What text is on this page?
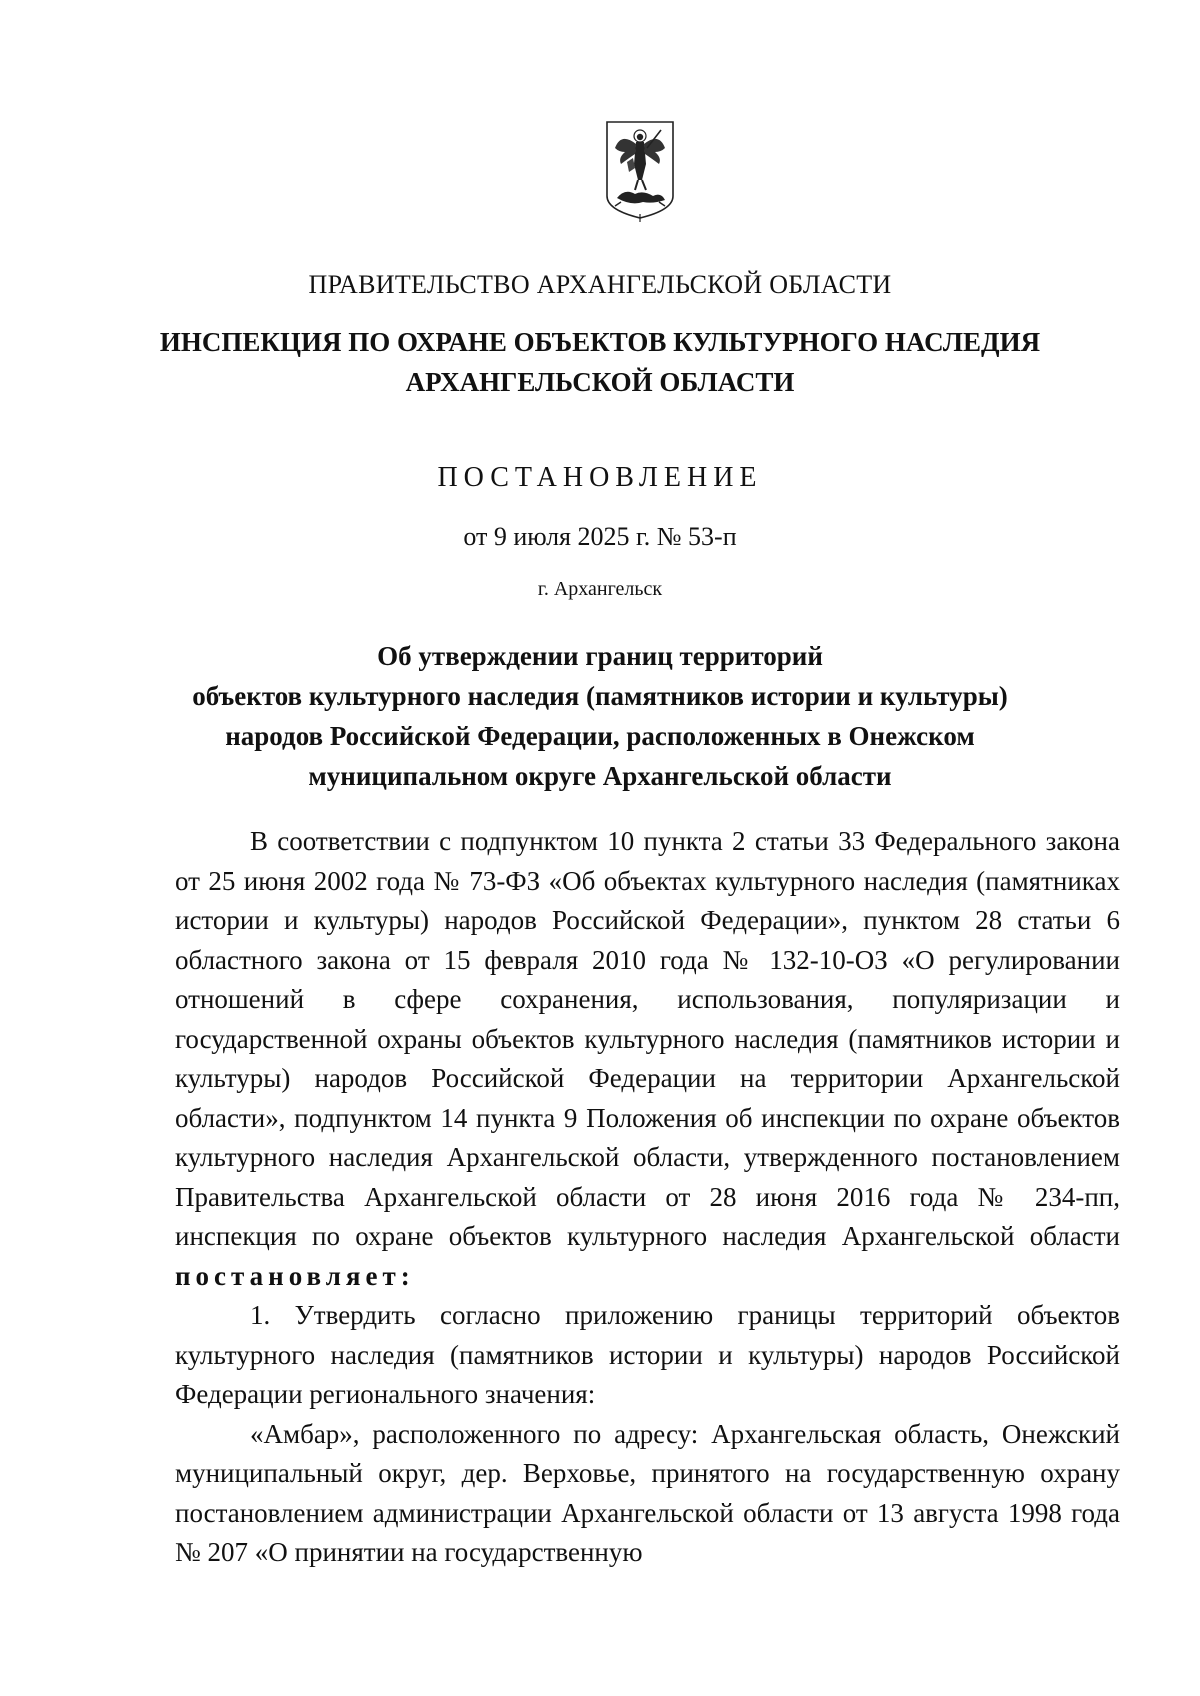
ПРАВИТЕЛЬСТВО АРХАНГЕЛЬСКОЙ ОБЛАСТИ
ИНСПЕКЦИЯ ПО ОХРАНЕ ОБЪЕКТОВ КУЛЬТУРНОГО НАСЛЕДИЯ
АРХАНГЕЛЬСКОЙ ОБЛАСТИ
ПОСТАНОВЛЕНИЕ
от 9 июля 2025 г. № 53-п
г. Архангельск
Об утверждении границ территорий
объектов культурного наследия (памятников истории и культуры)
народов Российской Федерации, расположенных в Онежском
муниципальном округе Архангельской области

В соответствии с подпунктом 10 пункта 2 статьи 33 Федерального закона от 25 июня 2002 года № 73-ФЗ «Об объектах культурного наследия (памятниках истории и культуры) народов Российской Федерации», пунктом 28 статьи 6 областного закона от 15 февраля 2010 года № 132-10-ОЗ «О регулировании отношений в сфере сохранения, использования, популяризации и государственной охраны объектов культурного наследия (памятников истории и культуры) народов Российской Федерации на территории Архангельской области», подпунктом 14 пункта 9 Положения об инспекции по охране объектов культурного наследия Архангельской области, утвержденного постановлением Правительства Архангельской области от 28 июня 2016 года № 234-пп, инспекция по охране объектов культурного наследия Архангельской области постановляет:

1. Утвердить согласно приложению границы территорий объектов культурного наследия (памятников истории и культуры) народов Российской Федерации регионального значения:

«Амбар», расположенного по адресу: Архангельская область, Онежский муниципальный округ, дер. Верховье, принятого на государственную охрану постановлением администрации Архангельской области от 13 августа 1998 года № 207 «О принятии на государственную
